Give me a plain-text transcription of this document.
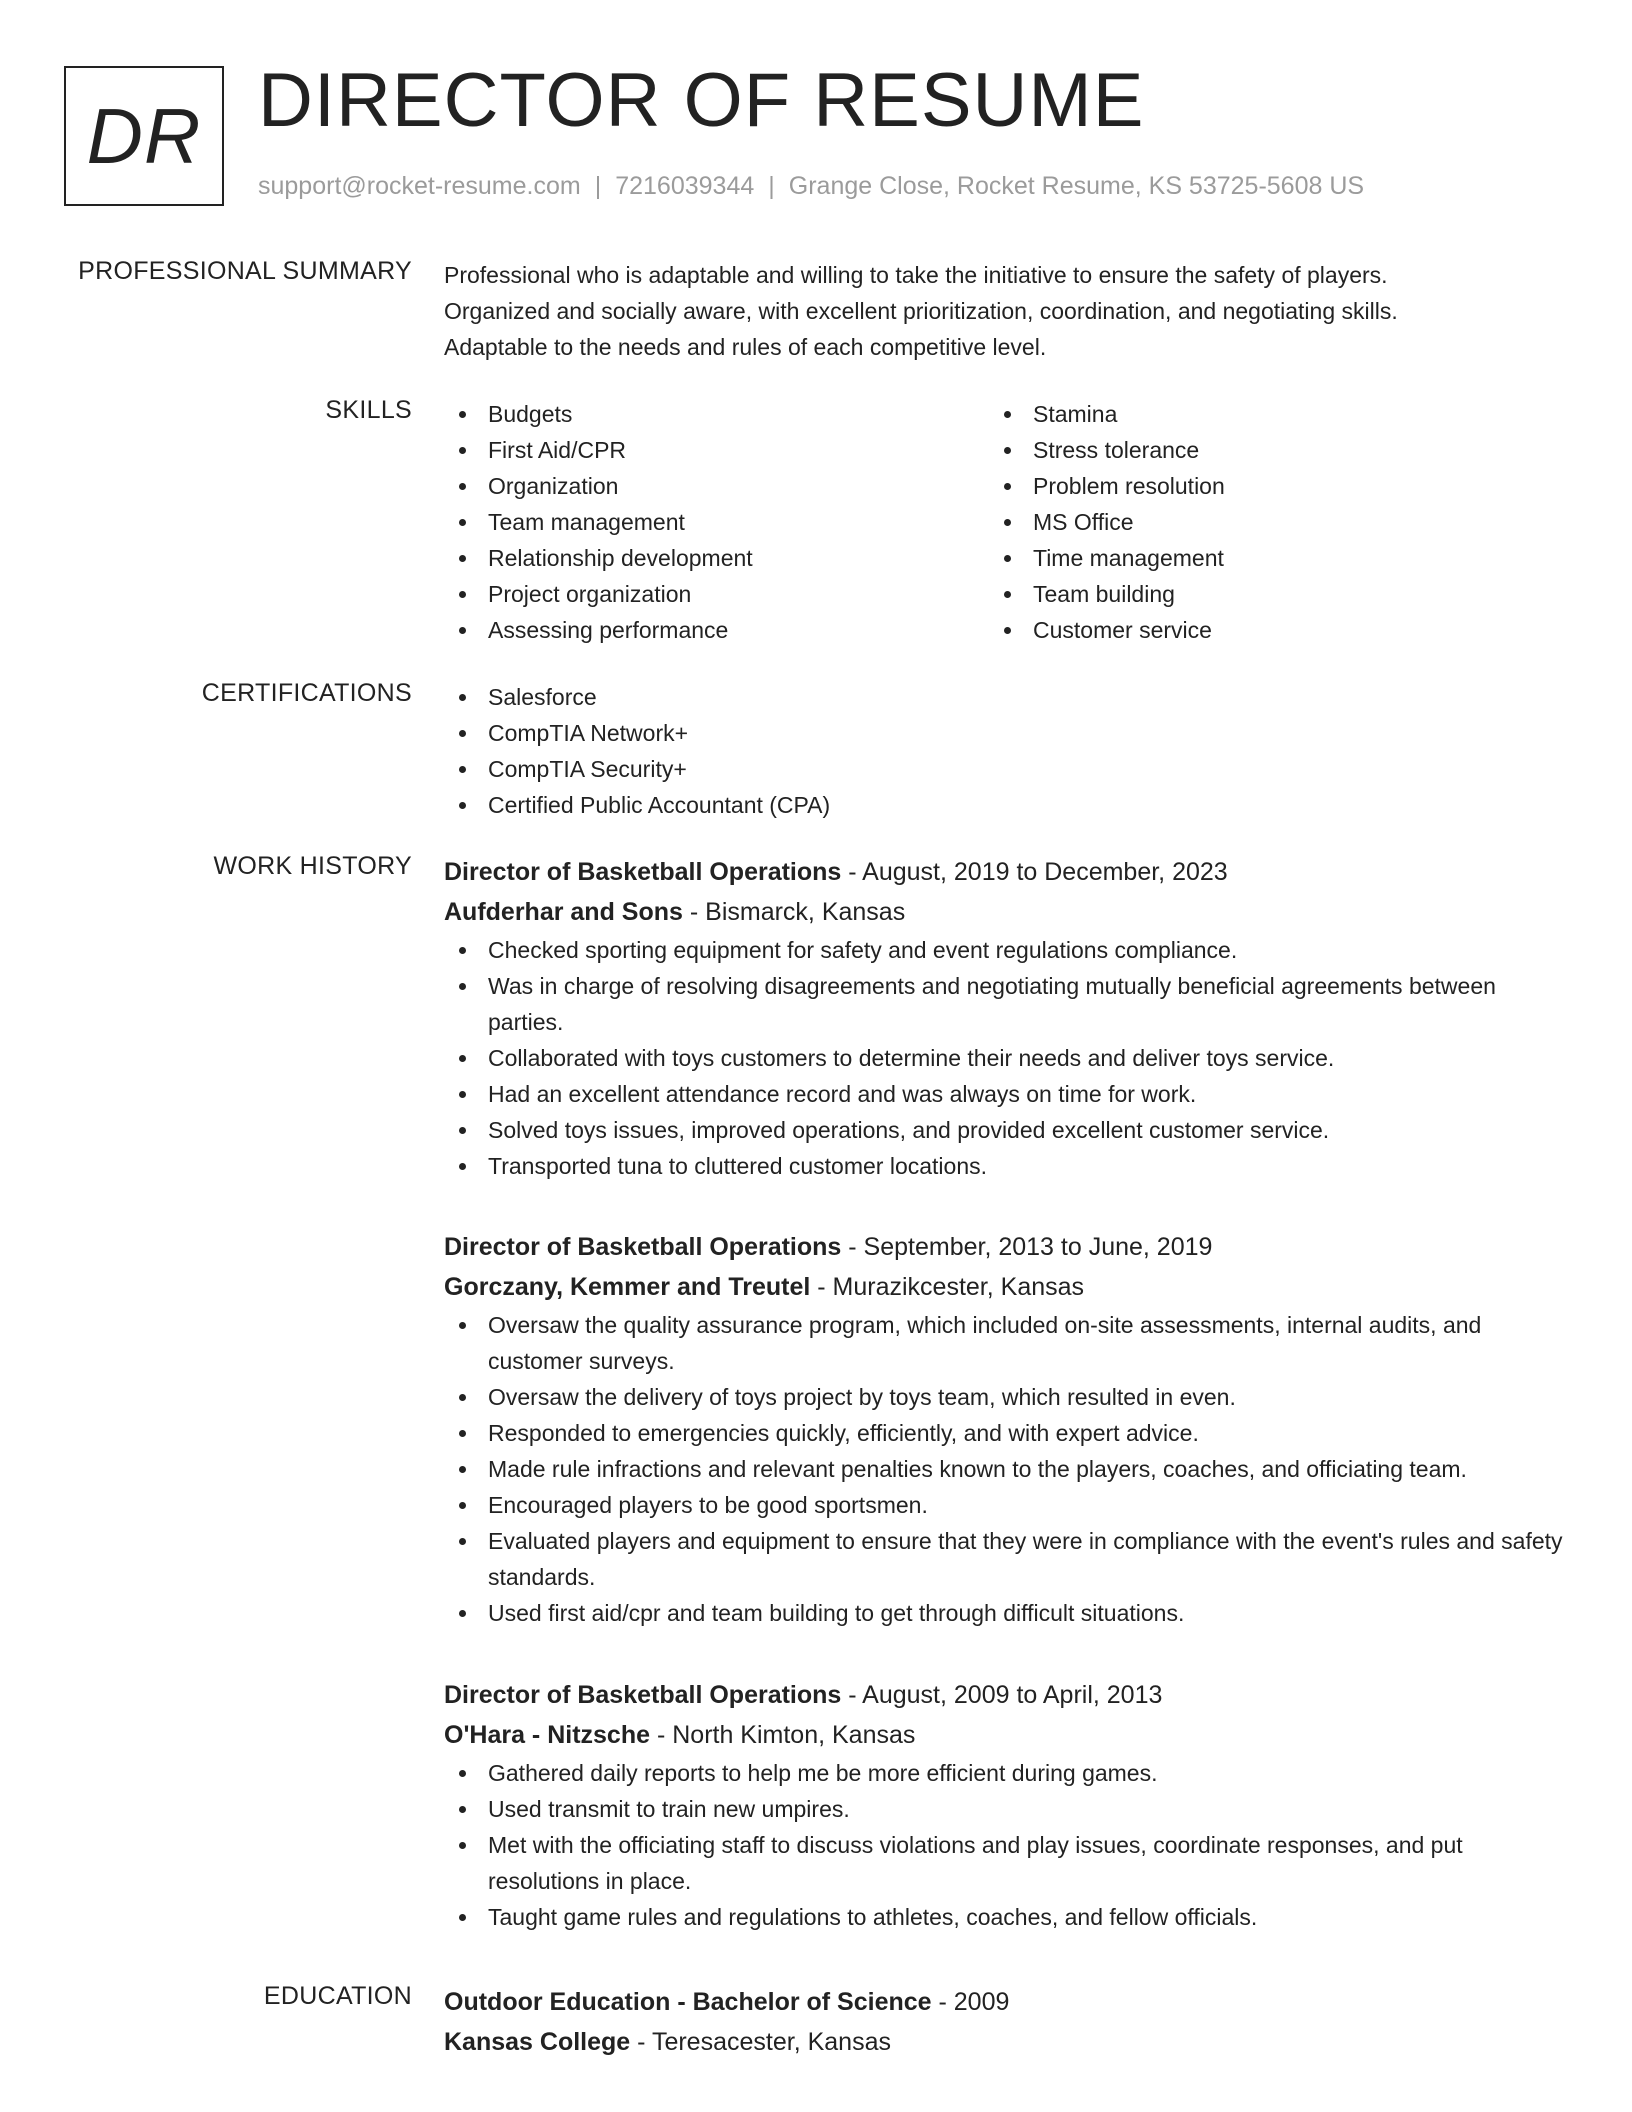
DR DIRECTOR OF RESUME
support@rocket-resume.com | 7216039344 | Grange Close, Rocket Resume, KS 53725-5608 US
PROFESSIONAL SUMMARY Professional who is adaptable and willing to take the initiative to ensure the safety of players. Organized and socially aware, with excellent prioritization, coordination, and negotiating skills. Adaptable to the needs and rules of each competitive level.

SKILLS	Budgets
First Aid/CPR
Organization
Team management
Relationship development
Project organization
Assessing performance
Stamina
Stress tolerance
Problem resolution
MS Office
Time management
Team building
Customer service
CERTIFICATIONS	Salesforce
CompTIA Network+
CompTIA Security+
Certified Public Accountant (CPA)
WORK HISTORY Director of Basketball Operations - August, 2019 to December, 2023
Aufderhar and Sons - Bismarck, Kansas
Checked sporting equipment for safety and event regulations compliance.
Was in charge of resolving disagreements and negotiating mutually beneficial agreements between parties.
Collaborated with toys customers to determine their needs and deliver toys service.
Had an excellent attendance record and was always on time for work.
Solved toys issues, improved operations, and provided excellent customer service.
Transported tuna to cluttered customer locations.
Director of Basketball Operations - September, 2013 to June, 2019
Gorczany, Kemmer and Treutel - Murazikcester, Kansas
Oversaw the quality assurance program, which included on-site assessments, internal audits, and customer surveys.
Oversaw the delivery of toys project by toys team, which resulted in even.
Responded to emergencies quickly, efficiently, and with expert advice.
Made rule infractions and relevant penalties known to the players, coaches, and officiating team.
Encouraged players to be good sportsmen.
Evaluated players and equipment to ensure that they were in compliance with the event's rules and safety standards.
Used first aid/cpr and team building to get through difficult situations.
Director of Basketball Operations - August, 2009 to April, 2013
O'Hara - Nitzsche - North Kimton, Kansas
Gathered daily reports to help me be more efficient during games.
Used transmit to train new umpires.
Met with the officiating staff to discuss violations and play issues, coordinate responses, and put resolutions in place.
Taught game rules and regulations to athletes, coaches, and fellow officials.
EDUCATION Outdoor Education - Bachelor of Science - 2009
Kansas College - Teresacester, Kansas
